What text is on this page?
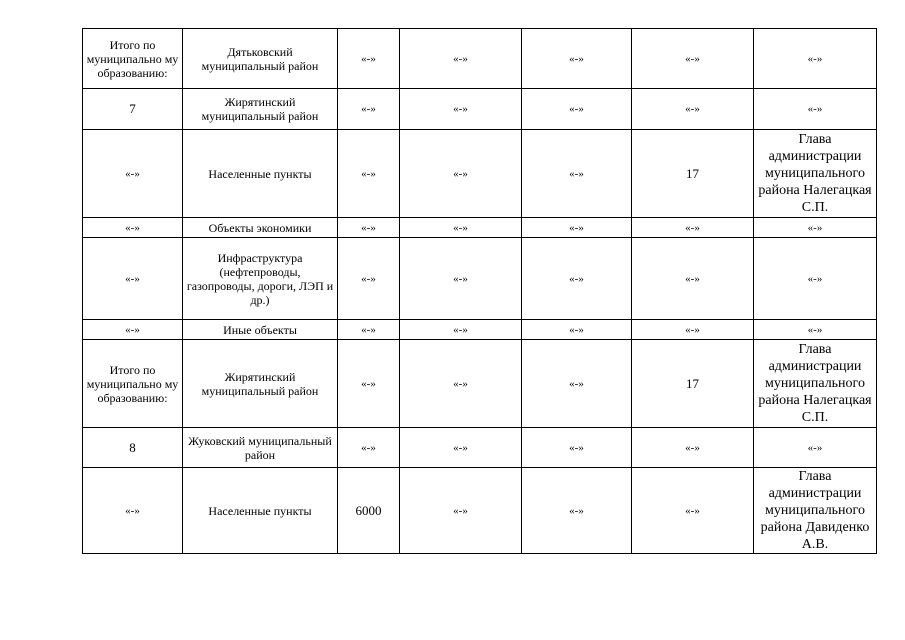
Итого по муниципально му образованию:	Дятьковский муниципальный район	«-»	«-»	«-»	«-»	«-»
7	Жирятинский муниципальный район	«-»	«-»	«-»	«-»	«-»
«-»	Населенные пункты	«-»	«-»	«-»	17	Глава администрации муниципального района Налегацкая С.П.
«-»	Объекты экономики	«-»	«-»	«-»	«-»	«-»
«-»	Инфраструктура (нефтепроводы, газопроводы, дороги, ЛЭП и др.)	«-»	«-»	«-»	«-»	«-»
«-»	Иные объекты	«-»	«-»	«-»	«-»	«-»
Итого по муниципально му образованию:	Жирятинский муниципальный район	«-»	«-»	«-»	17	Глава администрации муниципального района Налегацкая С.П.
8	Жуковский муниципальный район	«-»	«-»	«-»	«-»	«-»
«-»	Населенные пункты	6000	«-»	«-»	«-»	Глава администрации муниципального района Давиденко А.В.
